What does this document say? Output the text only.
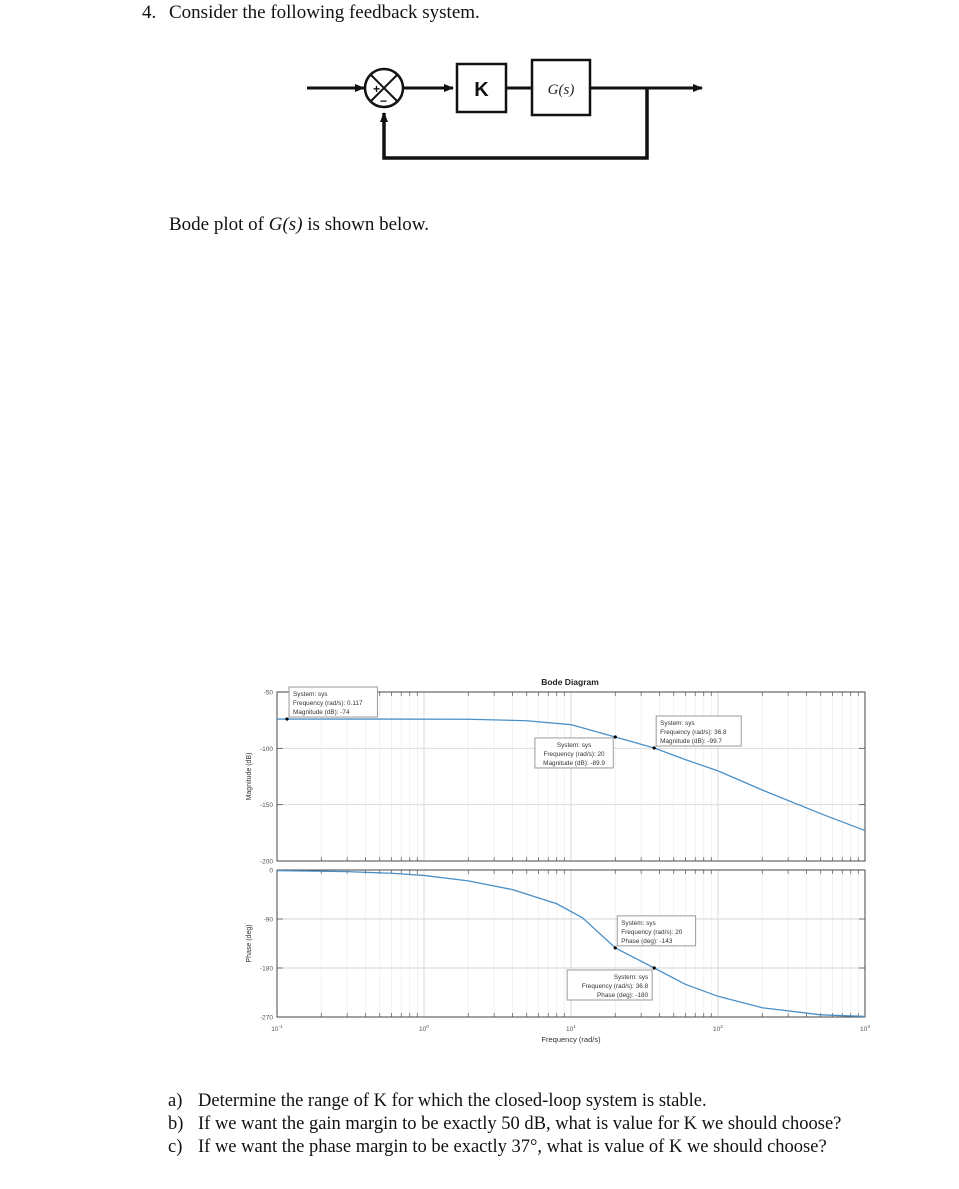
4. Consider the following feedback system.
+
−	K	G(s)
Bode plot of G(s) is shown below.
Bode Diagram
-50
-100
-150
-200
Magnitude (dB)
System: sys
Frequency (rad/s): 0.117
Magnitude (dB): -74
System: sys
Frequency (rad/s): 20
Magnitude (dB): -89.9
System: sys
Frequency (rad/s): 36.8
Magnitude (dB): -99.7
0
-90
-180
-270
Phase (deg)
System: sys
Frequency (rad/s): 20
Phase (deg): -143
System: sys
Frequency (rad/s): 36.8
Phase (deg): -180
$10^{-1}$	$10^0$	$10^1$	$10^2$	$10^3$
Frequency (rad/s)
a) Determine the range of K for which the closed-loop system is stable.
b) If we want the gain margin to be exactly 50 dB, what is value for K we should choose?
c) If we want the phase margin to be exactly 37°, what is value of K we should choose?
